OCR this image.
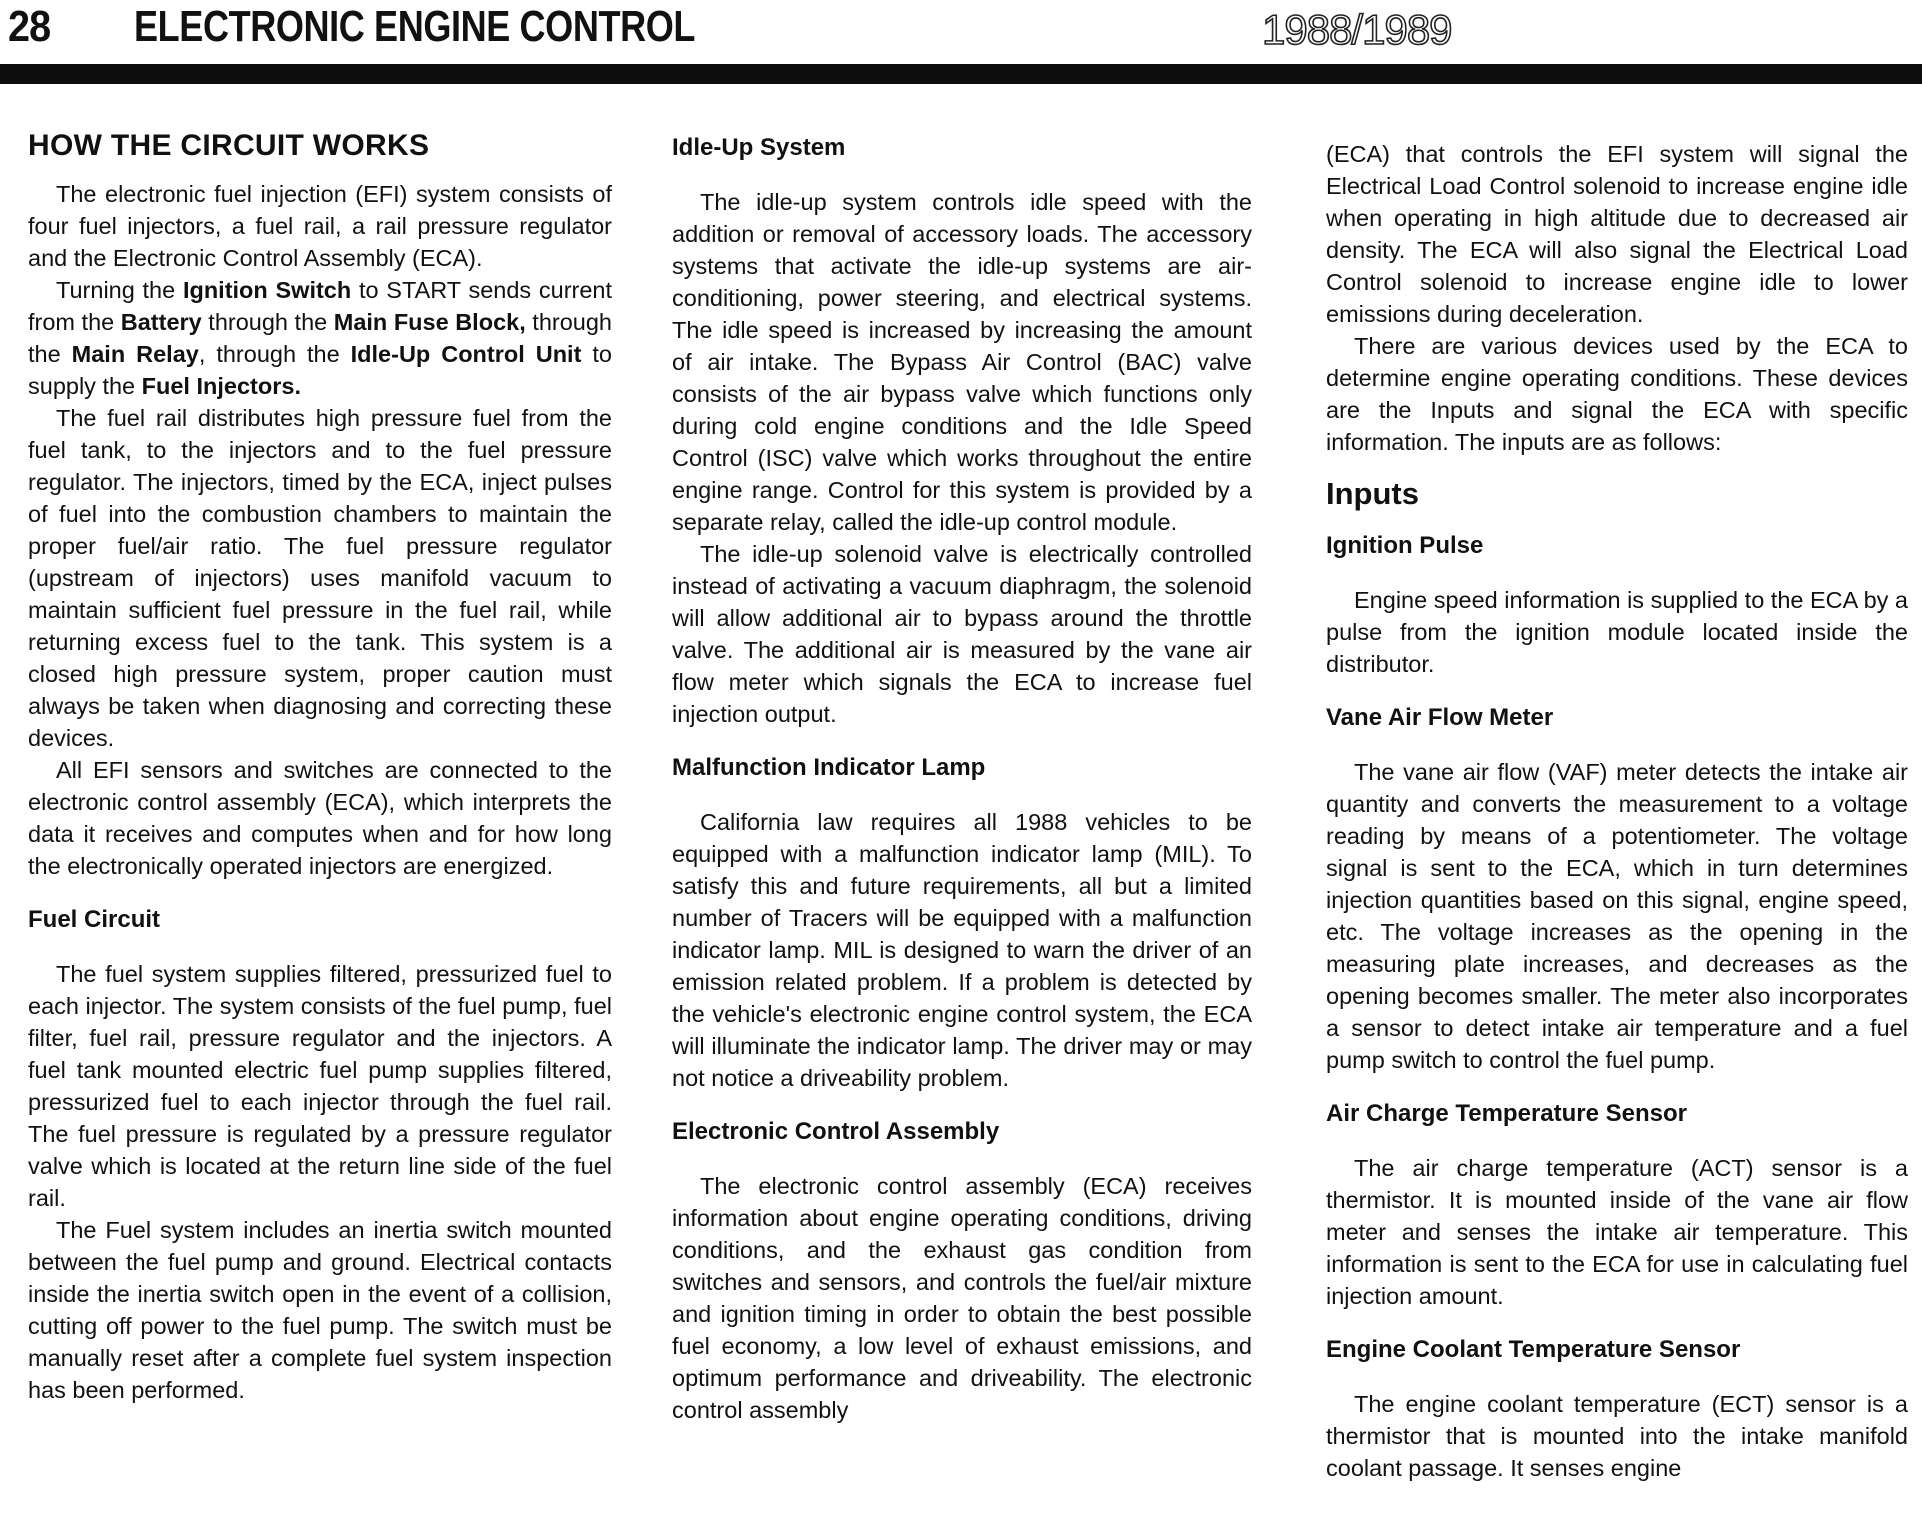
28 ELECTRONIC ENGINE CONTROL	1988/1989
HOW THE CIRCUIT WORKS

The electronic fuel injection (EFI) system consists of four fuel injectors, a fuel rail, a rail pressure regulator and the Electronic Control Assembly (ECA).

Turning the Ignition Switch to START sends current from the Battery through the Main Fuse Block, through the Main Relay, through the Idle-Up Control Unit to supply the Fuel Injectors.

The fuel rail distributes high pressure fuel from the fuel tank, to the injectors and to the fuel pressure regulator. The injectors, timed by the ECA, inject pulses of fuel into the combustion chambers to maintain the proper fuel/air ratio. The fuel pressure regulator (upstream of injectors) uses manifold vacuum to maintain sufficient fuel pressure in the fuel rail, while returning excess fuel to the tank. This system is a closed high pressure system, proper caution must always be taken when diagnosing and correcting these devices.

All EFI sensors and switches are connected to the electronic control assembly (ECA), which interprets the data it receives and computes when and for how long the electronically operated injectors are energized.

Fuel Circuit

The fuel system supplies filtered, pressurized fuel to each injector. The system consists of the fuel pump, fuel filter, fuel rail, pressure regulator and the injectors. A fuel tank mounted electric fuel pump supplies filtered, pressurized fuel to each injector through the fuel rail. The fuel pressure is regulated by a pressure regulator valve which is located at the return line side of the fuel rail.

The Fuel system includes an inertia switch mounted between the fuel pump and ground. Electrical contacts inside the inertia switch open in the event of a collision, cutting off power to the fuel pump. The switch must be manually reset after a complete fuel system inspection has been performed.

Idle-Up System

The idle-up system controls idle speed with the addition or removal of accessory loads. The accessory systems that activate the idle-up systems are air-conditioning, power steering, and electrical systems. The idle speed is increased by increasing the amount of air intake. The Bypass Air Control (BAC) valve consists of the air bypass valve which functions only during cold engine conditions and the Idle Speed Control (ISC) valve which works throughout the entire engine range. Control for this system is provided by a separate relay, called the idle-up control module.

The idle-up solenoid valve is electrically controlled instead of activating a vacuum diaphragm, the solenoid will allow additional air to bypass around the throttle valve. The additional air is measured by the vane air flow meter which signals the ECA to increase fuel injection output.

Malfunction Indicator Lamp

California law requires all 1988 vehicles to be equipped with a malfunction indicator lamp (MIL). To satisfy this and future requirements, all but a limited number of Tracers will be equipped with a malfunction indicator lamp. MIL is designed to warn the driver of an emission related problem. If a problem is detected by the vehicle's electronic engine control system, the ECA will illuminate the indicator lamp. The driver may or may not notice a driveability problem.

Electronic Control Assembly

The electronic control assembly (ECA) receives information about engine operating conditions, driving conditions, and the exhaust gas condition from switches and sensors, and controls the fuel/air mixture and ignition timing in order to obtain the best possible fuel economy, a low level of exhaust emissions, and optimum performance and driveability. The electronic control assembly

(ECA) that controls the EFI system will signal the Electrical Load Control solenoid to increase engine idle when operating in high altitude due to decreased air density. The ECA will also signal the Electrical Load Control solenoid to increase engine idle to lower emissions during deceleration.

There are various devices used by the ECA to determine engine operating conditions. These devices are the Inputs and signal the ECA with specific information. The inputs are as follows:

Inputs
Ignition Pulse

Engine speed information is supplied to the ECA by a pulse from the ignition module located inside the distributor.

Vane Air Flow Meter

The vane air flow (VAF) meter detects the intake air quantity and converts the measurement to a voltage reading by means of a potentiometer. The voltage signal is sent to the ECA, which in turn determines injection quantities based on this signal, engine speed, etc. The voltage increases as the opening in the measuring plate increases, and decreases as the opening becomes smaller. The meter also incorporates a sensor to detect intake air temperature and a fuel pump switch to control the fuel pump.

Air Charge Temperature Sensor

The air charge temperature (ACT) sensor is a thermistor. It is mounted inside of the vane air flow meter and senses the intake air temperature. This information is sent to the ECA for use in calculating fuel injection amount.

Engine Coolant Temperature Sensor

The engine coolant temperature (ECT) sensor is a thermistor that is mounted into the intake manifold coolant passage. It senses engine
